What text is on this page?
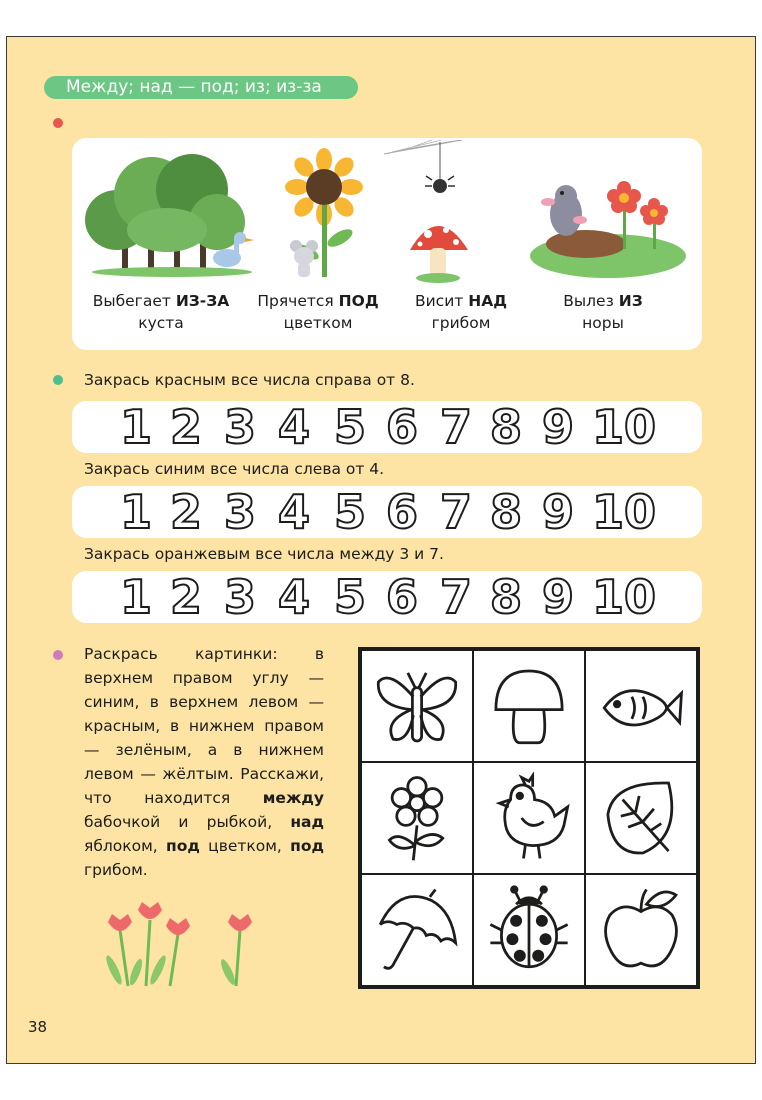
Между; над — под; из; из-за
Выбегает ИЗ-ЗА
куста
Прячется ПОД
цветком
Висит НАД
грибом
Вылез ИЗ
норы
Закрась красным все числа справа от 8.
1 2 3 4 5 6 7 8 9 10
Закрась синим все числа слева от 4.
1 2 3 4 5 6 7 8 9 10
Закрась оранжевым все числа между 3 и 7.
1 2 3 4 5 6 7 8 9 10
Раскрась картинки: в верхнем правом углу — синим, в верхнем левом — красным, в нижнем правом — зелёным, а в нижнем левом — жёлтым. Расскажи, что находится между бабочкой и рыбкой, над яблоком, под цветком, под грибом.
38
